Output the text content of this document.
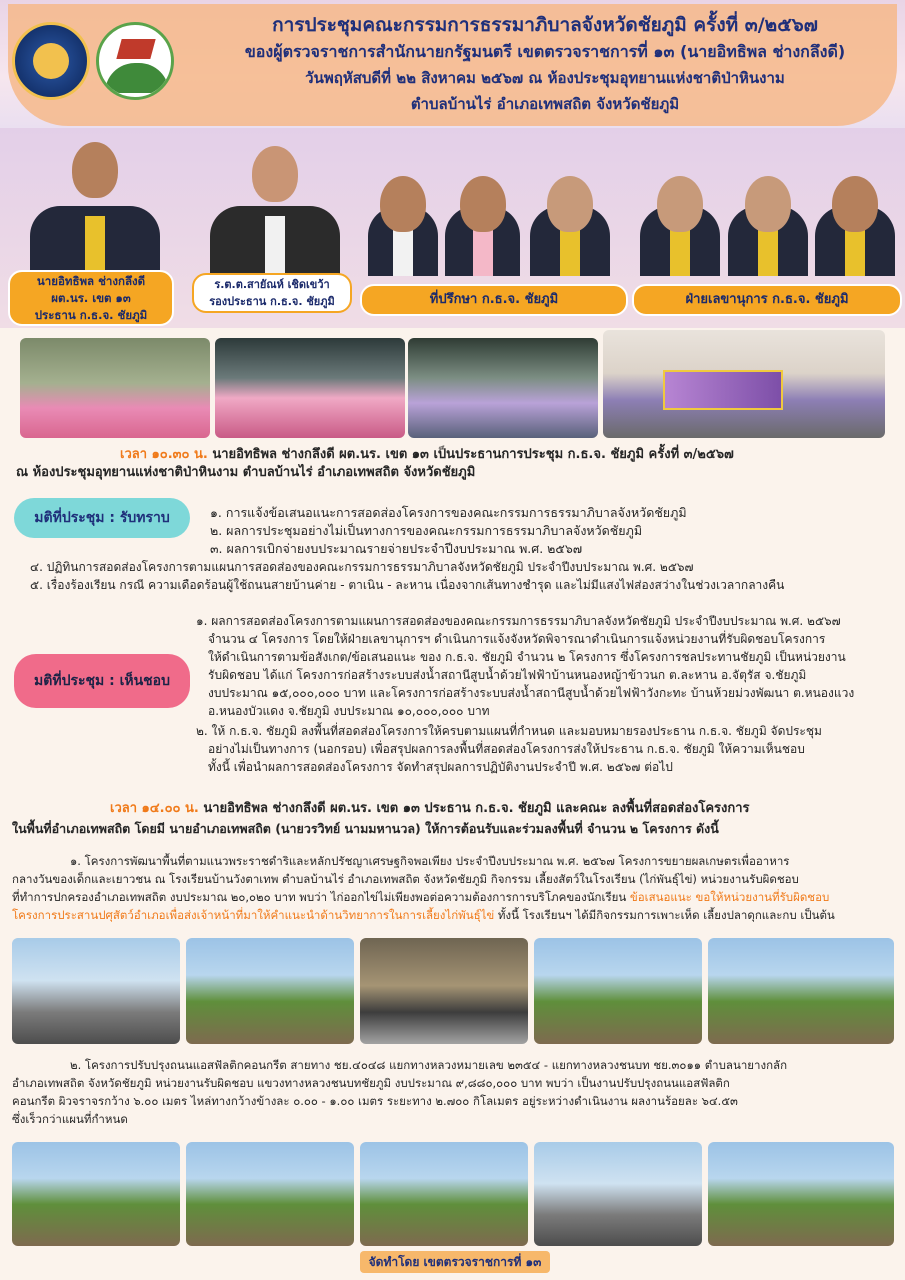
การประชุมคณะกรรมการธรรมาภิบาลจังหวัดชัยภูมิ ครั้งที่ ๓/๒๕๖๗
ของผู้ตรวจราชการสำนักนายกรัฐมนตรี เขตตรวจราชการที่ ๑๓ (นายอิทธิพล ช่างกลึงดี)
วันพฤหัสบดีที่ ๒๒ สิงหาคม ๒๕๖๗ ณ ห้องประชุมอุทยานแห่งชาติป่าหินงาม
ตำบลบ้านไร่ อำเภอเทพสถิต จังหวัดชัยภูมิ
นายอิทธิพล ช่างกลึงดี
ผต.นร. เขต ๑๓
ประธาน ก.ธ.จ. ชัยภูมิ
ร.ต.ต.สายัณห์ เชิดเขว้า
รองประธาน ก.ธ.จ. ชัยภูมิ	ที่ปรึกษา ก.ธ.จ. ชัยภูมิ	ฝ่ายเลขานุการ ก.ธ.จ. ชัยภูมิ
เวลา ๑๐.๓๐ น. นายอิทธิพล ช่างกลึงดี ผต.นร. เขต ๑๓ เป็นประธานการประชุม ก.ธ.จ. ชัยภูมิ ครั้งที่ ๓/๒๕๖๗
ณ ห้องประชุมอุทยานแห่งชาติป่าหินงาม ตำบลบ้านไร่ อำเภอเทพสถิต จังหวัดชัยภูมิ
มติที่ประชุม : รับทราบ	๑. การแจ้งข้อเสนอแนะการสอดส่องโครงการของคณะกรรมการธรรมาภิบาลจังหวัดชัยภูมิ
๒. ผลการประชุมอย่างไม่เป็นทางการของคณะกรรมการธรรมาภิบาลจังหวัดชัยภูมิ
๓. ผลการเบิกจ่ายงบประมาณรายจ่ายประจำปีงบประมาณ พ.ศ. ๒๕๖๗
๔. ปฏิทินการสอดส่องโครงการตามแผนการสอดส่องของคณะกรรมการธรรมาภิบาลจังหวัดชัยภูมิ ประจำปีงบประมาณ พ.ศ. ๒๕๖๗
๕. เรื่องร้องเรียน กรณี ความเดือดร้อนผู้ใช้ถนนสายบ้านค่าย - ตาเนิน - ละหาน เนื่องจากเส้นทางชำรุด และไม่มีแสงไฟส่องสว่างในช่วงเวลากลางคืน
มติที่ประชุม : เห็นชอบ
๑. ผลการสอดส่องโครงการตามแผนการสอดส่องของคณะกรรมการธรรมาภิบาลจังหวัดชัยภูมิ ประจำปีงบประมาณ พ.ศ. ๒๕๖๗
จำนวน ๔ โครงการ โดยให้ฝ่ายเลขานุการฯ ดำเนินการแจ้งจังหวัดพิจารณาดำเนินการแจ้งหน่วยงานที่รับผิดชอบโครงการ
ให้ดำเนินการตามข้อสังเกต/ข้อเสนอแนะ ของ ก.ธ.จ. ชัยภูมิ จำนวน ๒ โครงการ ซึ่งโครงการชลประทานชัยภูมิ เป็นหน่วยงาน
รับผิดชอบ ได้แก่ โครงการก่อสร้างระบบส่งน้ำสถานีสูบน้ำด้วยไฟฟ้าบ้านหนองหญ้าข้าวนก ต.ละหาน อ.จัตุรัส จ.ชัยภูมิ
งบประมาณ ๑๕,๐๐๐,๐๐๐ บาท และโครงการก่อสร้างระบบส่งน้ำสถานีสูบน้ำด้วยไฟฟ้าวังกะทะ บ้านห้วยม่วงพัฒนา ต.หนองแวง
อ.หนองบัวแดง จ.ชัยภูมิ งบประมาณ ๑๐,๐๐๐,๐๐๐ บาท
๒. ให้ ก.ธ.จ. ชัยภูมิ ลงพื้นที่สอดส่องโครงการให้ครบตามแผนที่กำหนด และมอบหมายรองประธาน ก.ธ.จ. ชัยภูมิ จัดประชุม
อย่างไม่เป็นทางการ (นอกรอบ) เพื่อสรุปผลการลงพื้นที่สอดส่องโครงการส่งให้ประธาน ก.ธ.จ. ชัยภูมิ ให้ความเห็นชอบ
ทั้งนี้ เพื่อนำผลการสอดส่องโครงการ จัดทำสรุปผลการปฏิบัติงานประจำปี พ.ศ. ๒๕๖๗ ต่อไป
เวลา ๑๔.๐๐ น. นายอิทธิพล ช่างกลึงดี ผต.นร. เขต ๑๓ ประธาน ก.ธ.จ. ชัยภูมิ และคณะ ลงพื้นที่สอดส่องโครงการ
ในพื้นที่อำเภอเทพสถิต โดยมี นายอำเภอเทพสถิต (นายวรวิทย์ นามมหานวล) ให้การต้อนรับและร่วมลงพื้นที่ จำนวน ๒ โครงการ ดังนี้
๑. โครงการพัฒนาพื้นที่ตามแนวพระราชดำริและหลักปรัชญาเศรษฐกิจพอเพียง ประจำปีงบประมาณ พ.ศ. ๒๕๖๗ โครงการขยายผลเกษตรเพื่ออาหาร
กลางวันของเด็กและเยาวชน ณ โรงเรียนบ้านวังตาเทพ ตำบลบ้านไร่ อำเภอเทพสถิต จังหวัดชัยภูมิ กิจกรรม เลี้ยงสัตว์ในโรงเรียน (ไก่พันธุ์ไข่) หน่วยงานรับผิดชอบ
ที่ทำการปกครองอำเภอเทพสถิต งบประมาณ ๒๐,๐๒๐ บาท พบว่า ไก่ออกไข่ไม่เพียงพอต่อความต้องการการบริโภคของนักเรียน ข้อเสนอแนะ ขอให้หน่วยงานที่รับผิดชอบ
โครงการประสานปศุสัตว์อำเภอเพื่อส่งเจ้าหน้าที่มาให้คำแนะนำด้านวิทยาการในการเลี้ยงไก่พันธุ์ไข่ ทั้งนี้ โรงเรียนฯ ได้มีกิจกรรมการเพาะเห็ด เลี้ยงปลาดุกและกบ เป็นต้น
๒. โครงการปรับปรุงถนนแอสฟัลติกคอนกรีต สายทาง ชย.๔๐๔๘ แยกทางหลวงหมายเลข ๒๓๕๔ - แยกทางหลวงชนบท ชย.๓๐๑๑ ตำบลนายางกลัก
อำเภอเทพสถิต จังหวัดชัยภูมิ หน่วยงานรับผิดชอบ แขวงทางหลวงชนบทชัยภูมิ งบประมาณ ๙,๘๘๐,๐๐๐ บาท พบว่า เป็นงานปรับปรุงถนนแอสฟัลติก
คอนกรีต ผิวจราจรกว้าง ๖.๐๐ เมตร ไหล่ทางกว้างข้างละ ๐.๐๐ - ๑.๐๐ เมตร ระยะทาง ๒.๗๐๐ กิโลเมตร อยู่ระหว่างดำเนินงาน ผลงานร้อยละ ๖๔.๕๓
ซึ่งเร็วกว่าแผนที่กำหนด
จัดทำโดย เขตตรวจราชการที่ ๑๓
